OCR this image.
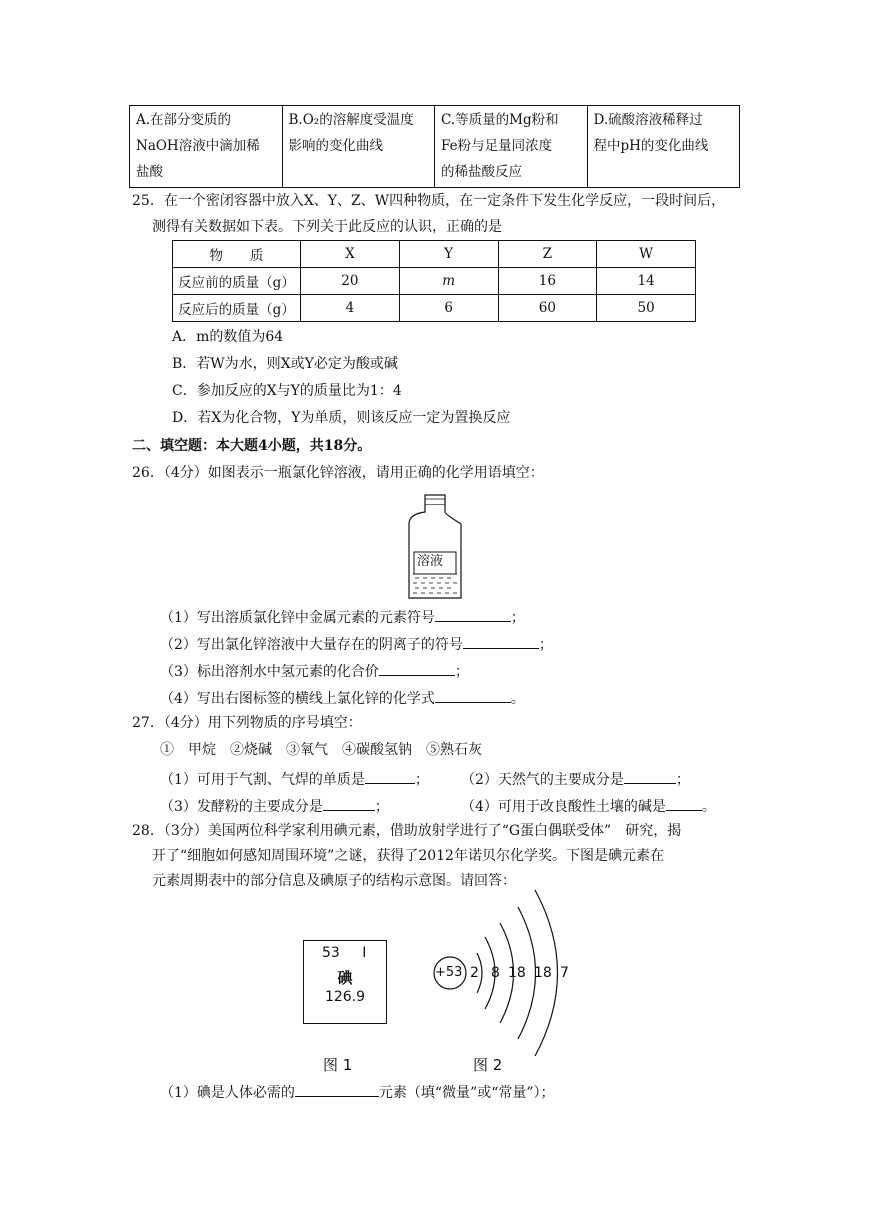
A.在部分变质的
NaOH溶液中滴加稀
盐酸	B.O₂的溶解度受温度
影响的变化曲线	C.等质量的Mg粉和
Fe粉与足量同浓度
的稀盐酸反应	D.硫酸溶液稀释过
程中pH的变化曲线
25．在一个密闭容器中放入X、Y、Z、W四种物质，在一定条件下发生化学反应，一段时间后，
测得有关数据如下表。下列关于此反应的认识，正确的是
物　　质	X	Y	Z	W
反应前的质量（g）	20	m	16	14
反应后的质量（g）	4	6	60	50
A．m的数值为64
B．若W为水，则X或Y必定为酸或碱
C．参加反应的X与Y的质量比为1：4
D．若X为化合物，Y为单质，则该反应一定为置换反应
二、填空题：本大题4小题，共18分。
26．（4分）如图表示一瓶氯化锌溶液，请用正确的化学用语填空：
溶液
（1）写出溶质氯化锌中金属元素的元素符号	；
（2）写出氯化锌溶液中大量存在的阴离子的符号	；
（3）标出溶剂水中氢元素的化合价	；
（4）写出右图标签的横线上氯化锌的化学式	。
27．（4分）用下列物质的序号填空：
①　甲烷　②烧碱　③氧气　④碳酸氢钠　⑤熟石灰
（1）可用于气割、气焊的单质是	； （2）天然气的主要成分是	；
（3）发酵粉的主要成分是	；	（4）可用于改良酸性土壤的碱是	。
28．（3分）美国两位科学家利用碘元素，借助放射学进行了“G蛋白偶联受体”　研究，揭
开了“细胞如何感知周围环境”之谜，获得了2012年诺贝尔化学奖。下图是碘元素在
元素周期表中的部分信息及碘原子的结构示意图。请回答：
53 I
碘
126.9
图 1
+53 2 8 18 18 7
图 2
（1）碘是人体必需的	元素（填“微量”或“常量”）；
